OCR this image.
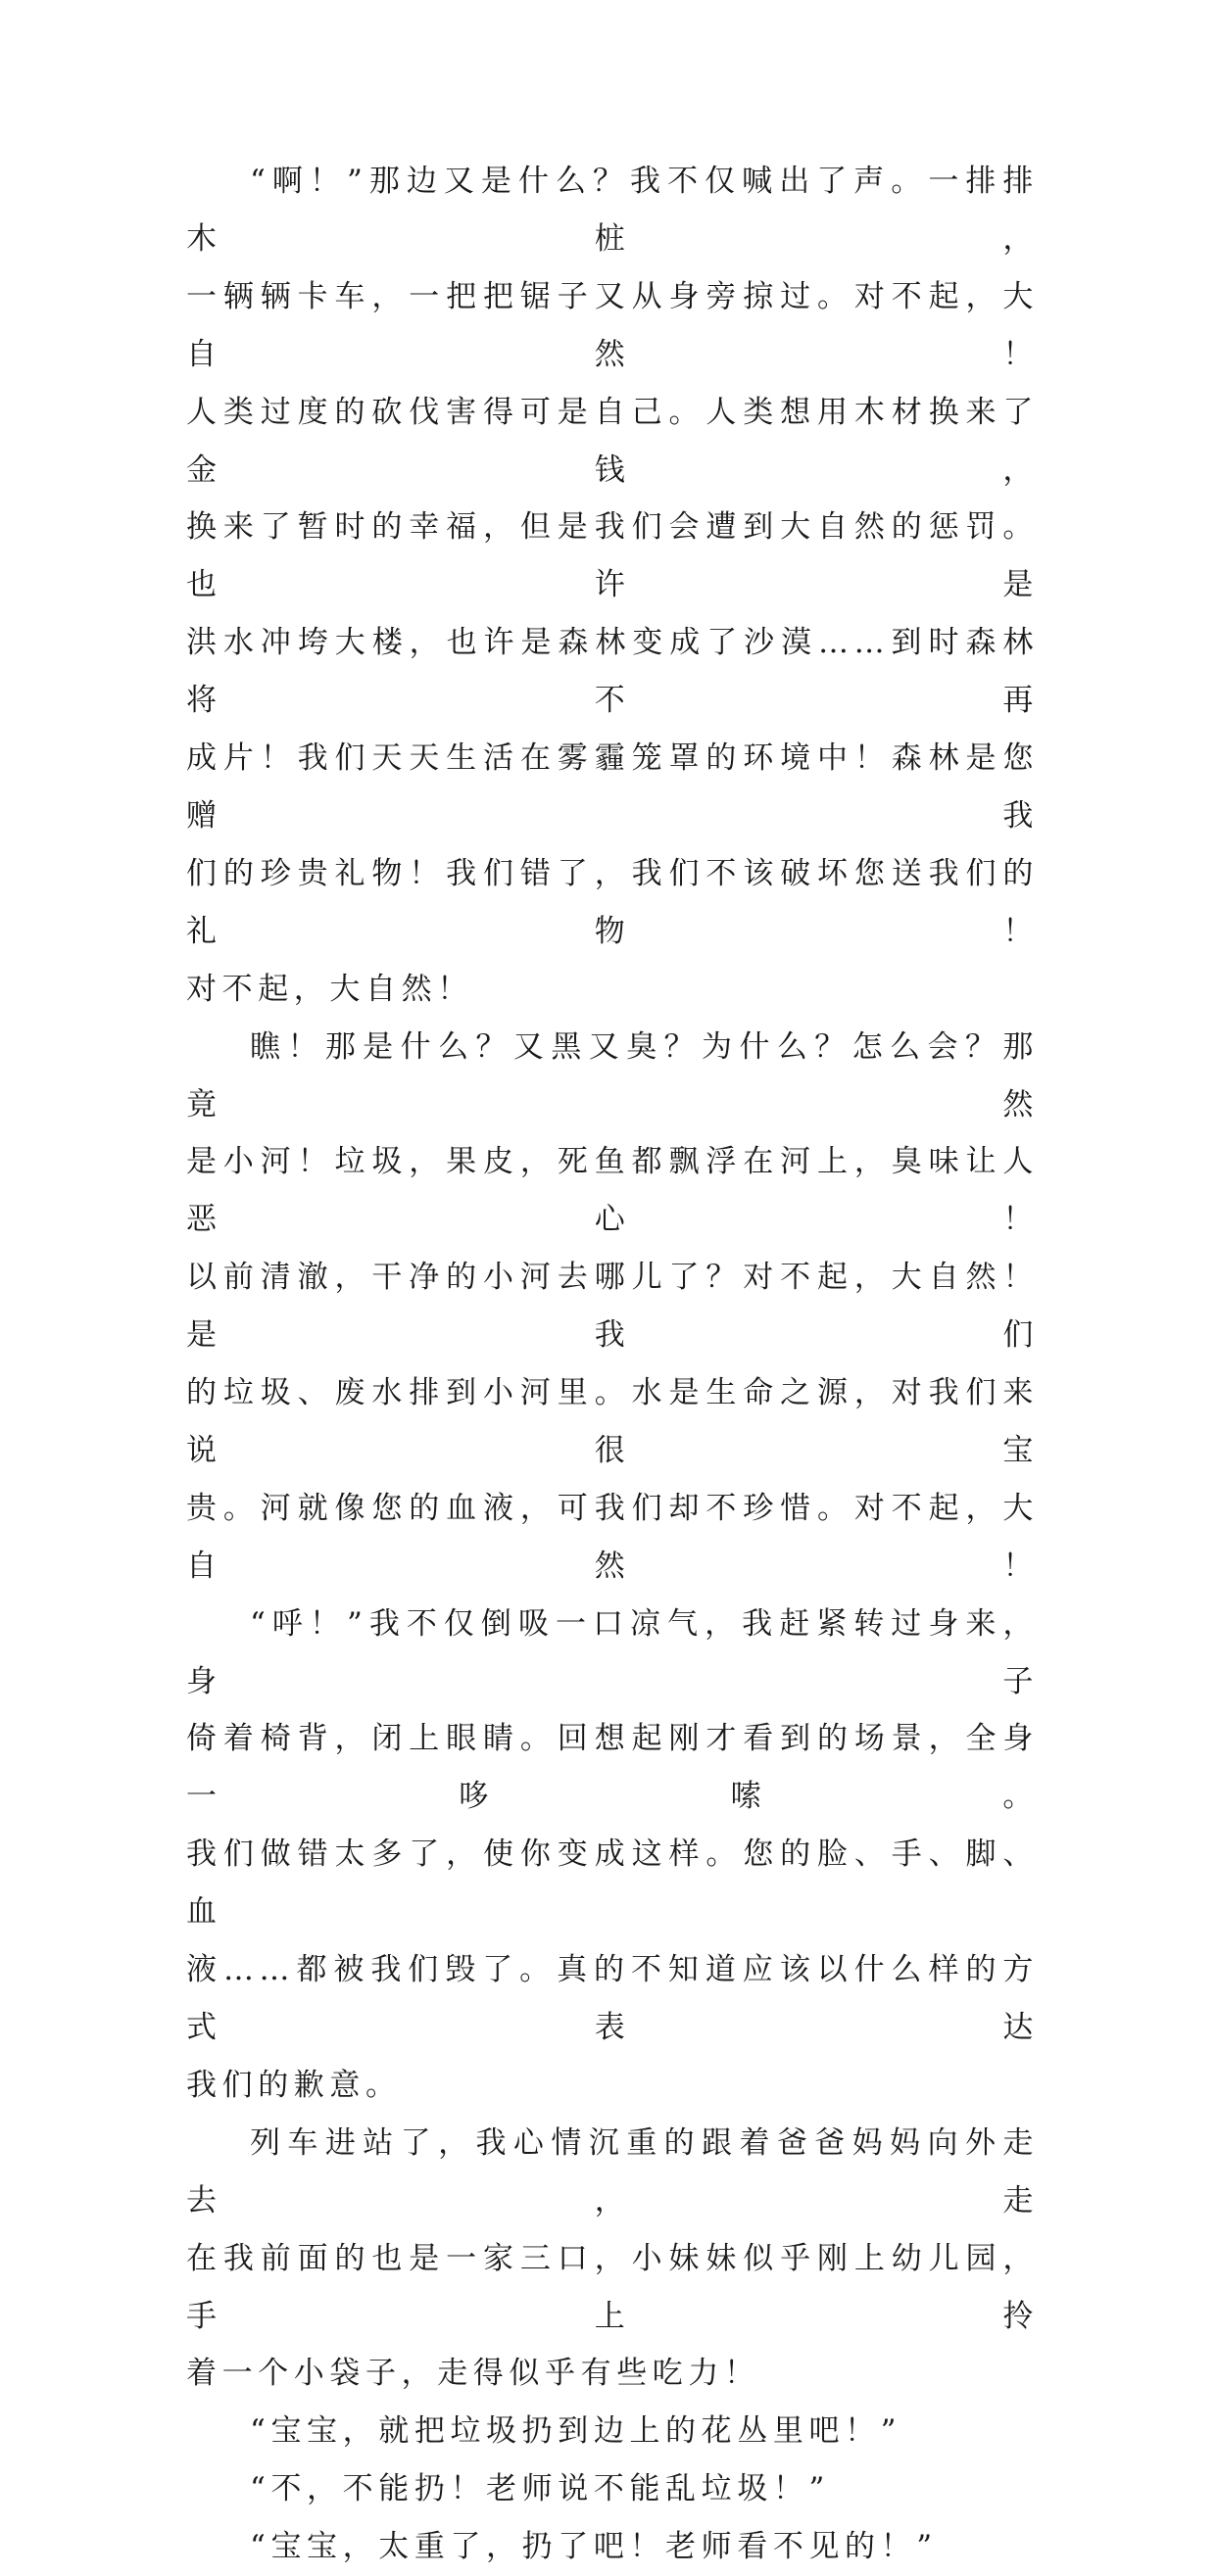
“啊！”那边又是什么？我不仅喊出了声。一排排木桩，
一辆辆卡车，一把把锯子又从身旁掠过。对不起，大自然！
人类过度的砍伐害得可是自己。人类想用木材换来了金钱，
换来了暂时的幸福，但是我们会遭到大自然的惩罚。也许是
洪水冲垮大楼，也许是森林变成了沙漠……到时森林将不再
成片！我们天天生活在雾霾笼罩的环境中！森林是您赠我
们的珍贵礼物！我们错了，我们不该破坏您送我们的礼物！
对不起，大自然！

瞧！那是什么？又黑又臭？为什么？怎么会？那竟然
是小河！垃圾，果皮，死鱼都飘浮在河上，臭味让人恶心！
以前清澈，干净的小河去哪儿了？对不起，大自然！是我们
的垃圾、废水排到小河里。水是生命之源，对我们来说很宝
贵。河就像您的血液，可我们却不珍惜。对不起，大自然！

“呼！”我不仅倒吸一口凉气，我赶紧转过身来，身子
倚着椅背，闭上眼睛。回想起刚才看到的场景，全身一哆嗦。
我们做错太多了，使你变成这样。您的脸、手、脚、血
液……都被我们毁了。真的不知道应该以什么样的方式表达
我们的歉意。

列车进站了，我心情沉重的跟着爸爸妈妈向外走去，走
在我前面的也是一家三口，小妹妹似乎刚上幼儿园，手上拎
着一个小袋子，走得似乎有些吃力！

“宝宝，就把垃圾扔到边上的花丛里吧！”

“不，不能扔！老师说不能乱垃圾！”

“宝宝，太重了，扔了吧！老师看不见的！”
